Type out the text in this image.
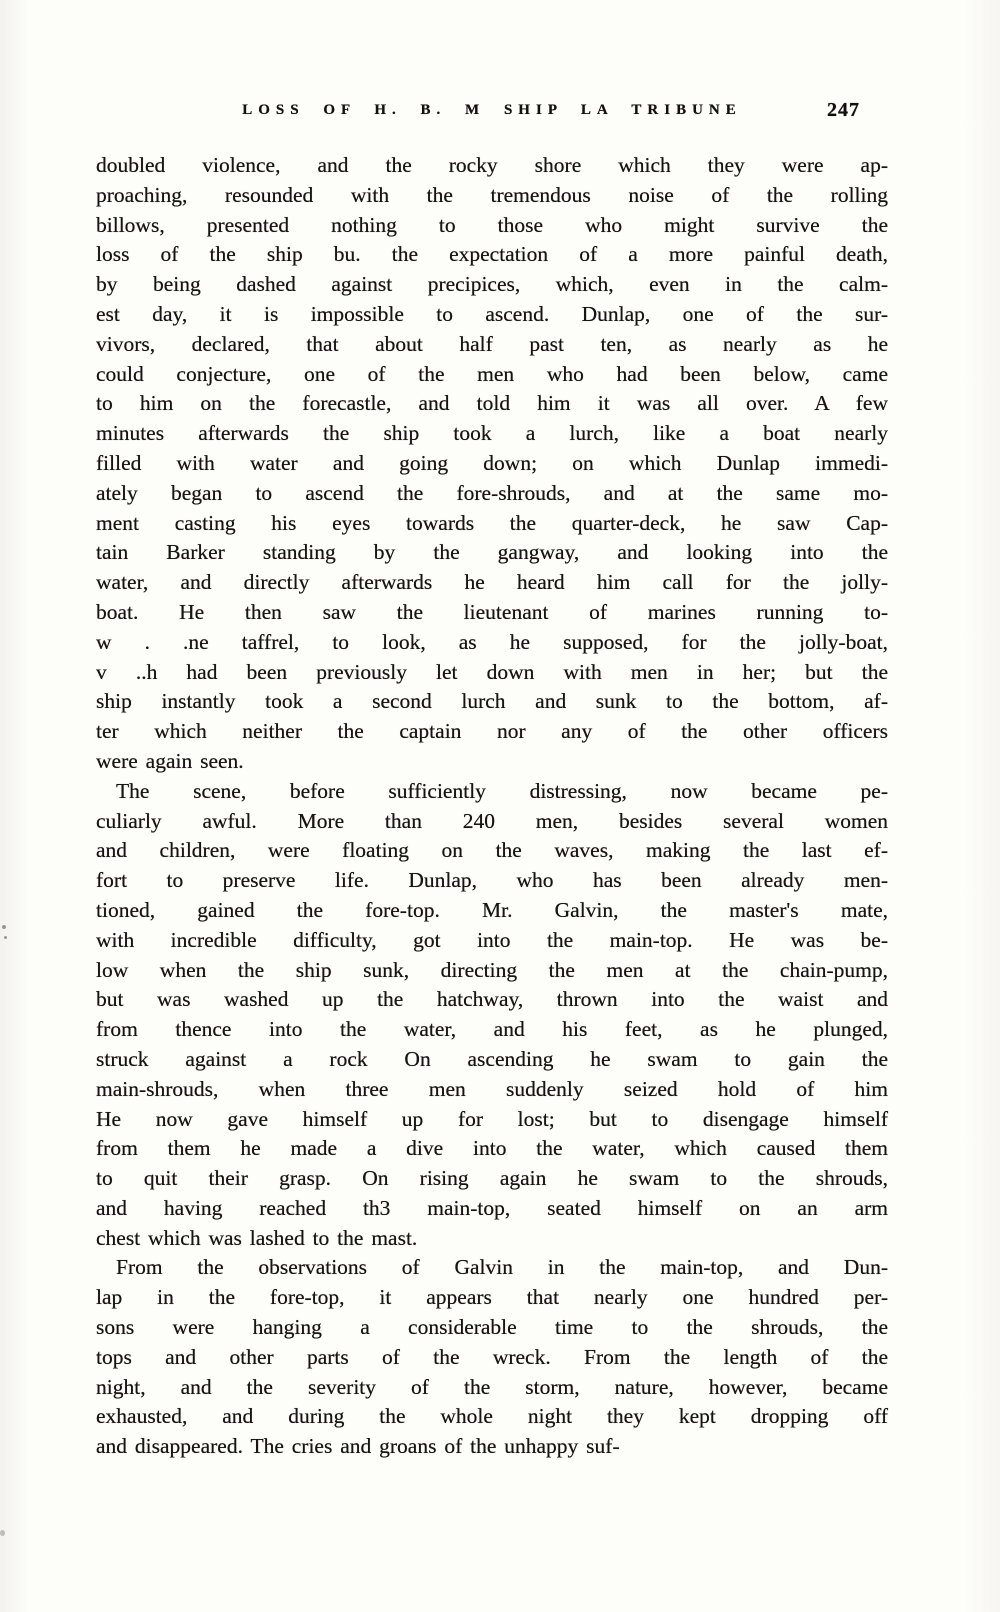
LOSS OF H. B. M SHIP LA TRIBUNE	247
doubled violence, and the rocky shore which they were ap-
proaching, resounded with the tremendous noise of the rolling
billows, presented nothing to those who might survive the
loss of the ship bu. the expectation of a more painful death,
by being dashed against precipices, which, even in the calm-
est day, it is impossible to ascend. Dunlap, one of the sur-
vivors, declared, that about half past ten, as nearly as he
could conjecture, one of the men who had been below, came
to him on the forecastle, and told him it was all over. A few
minutes afterwards the ship took a lurch, like a boat nearly
filled with water and going down; on which Dunlap immedi-
ately began to ascend the fore-shrouds, and at the same mo-
ment casting his eyes towards the quarter-deck, he saw Cap-
tain Barker standing by the gangway, and looking into the
water, and directly afterwards he heard him call for the jolly-
boat. He then saw the lieutenant of marines running to-
w . .ne taffrel, to look, as he supposed, for the jolly-boat,
v ..h had been previously let down with men in her; but the
ship instantly took a second lurch and sunk to the bottom, af-
ter which neither the captain nor any of the other officers
were again seen.
The scene, before sufficiently distressing, now became pe-
culiarly awful. More than 240 men, besides several women
and children, were floating on the waves, making the last ef-
fort to preserve life. Dunlap, who has been already men-
tioned, gained the fore-top. Mr. Galvin, the master's mate,
with incredible difficulty, got into the main-top. He was be-
low when the ship sunk, directing the men at the chain-pump,
but was washed up the hatchway, thrown into the waist and
from thence into the water, and his feet, as he plunged,
struck against a rock On ascending he swam to gain the
main-shrouds, when three men suddenly seized hold of him
He now gave himself up for lost; but to disengage himself
from them he made a dive into the water, which caused them
to quit their grasp. On rising again he swam to the shrouds,
and having reached th3 main-top, seated himself on an arm
chest which was lashed to the mast.
From the observations of Galvin in the main-top, and Dun-
lap in the fore-top, it appears that nearly one hundred per-
sons were hanging a considerable time to the shrouds, the
tops and other parts of the wreck. From the length of the
night, and the severity of the storm, nature, however, became
exhausted, and during the whole night they kept dropping off
and disappeared. The cries and groans of the unhappy suf-
